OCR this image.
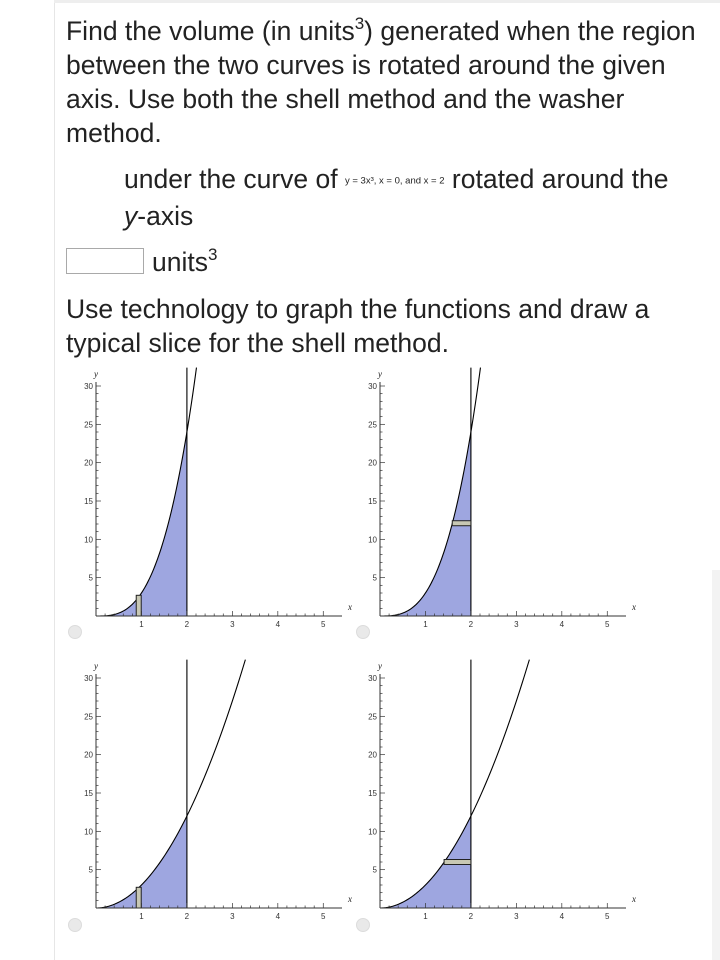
Find the volume (in units$^3$) generated when the region between the two curves is rotated around the given axis. Use both the shell method and the washer method.

under the curve of y = 3x³, x = 0, and x = 2 rotated around the
y-axis

units$^3$

Use technology to graph the functions and draw a typical slice for the shell method.

1	2	3	4	5
5
10
15
20
25
30
x
y
1	2	3	4	5
5
10
15
20
25
30
x
y
1	2	3	4	5
5
10
15
20
25
30
x
y
1	2	3	4	5
5
10
15
20
25
30
x
y
